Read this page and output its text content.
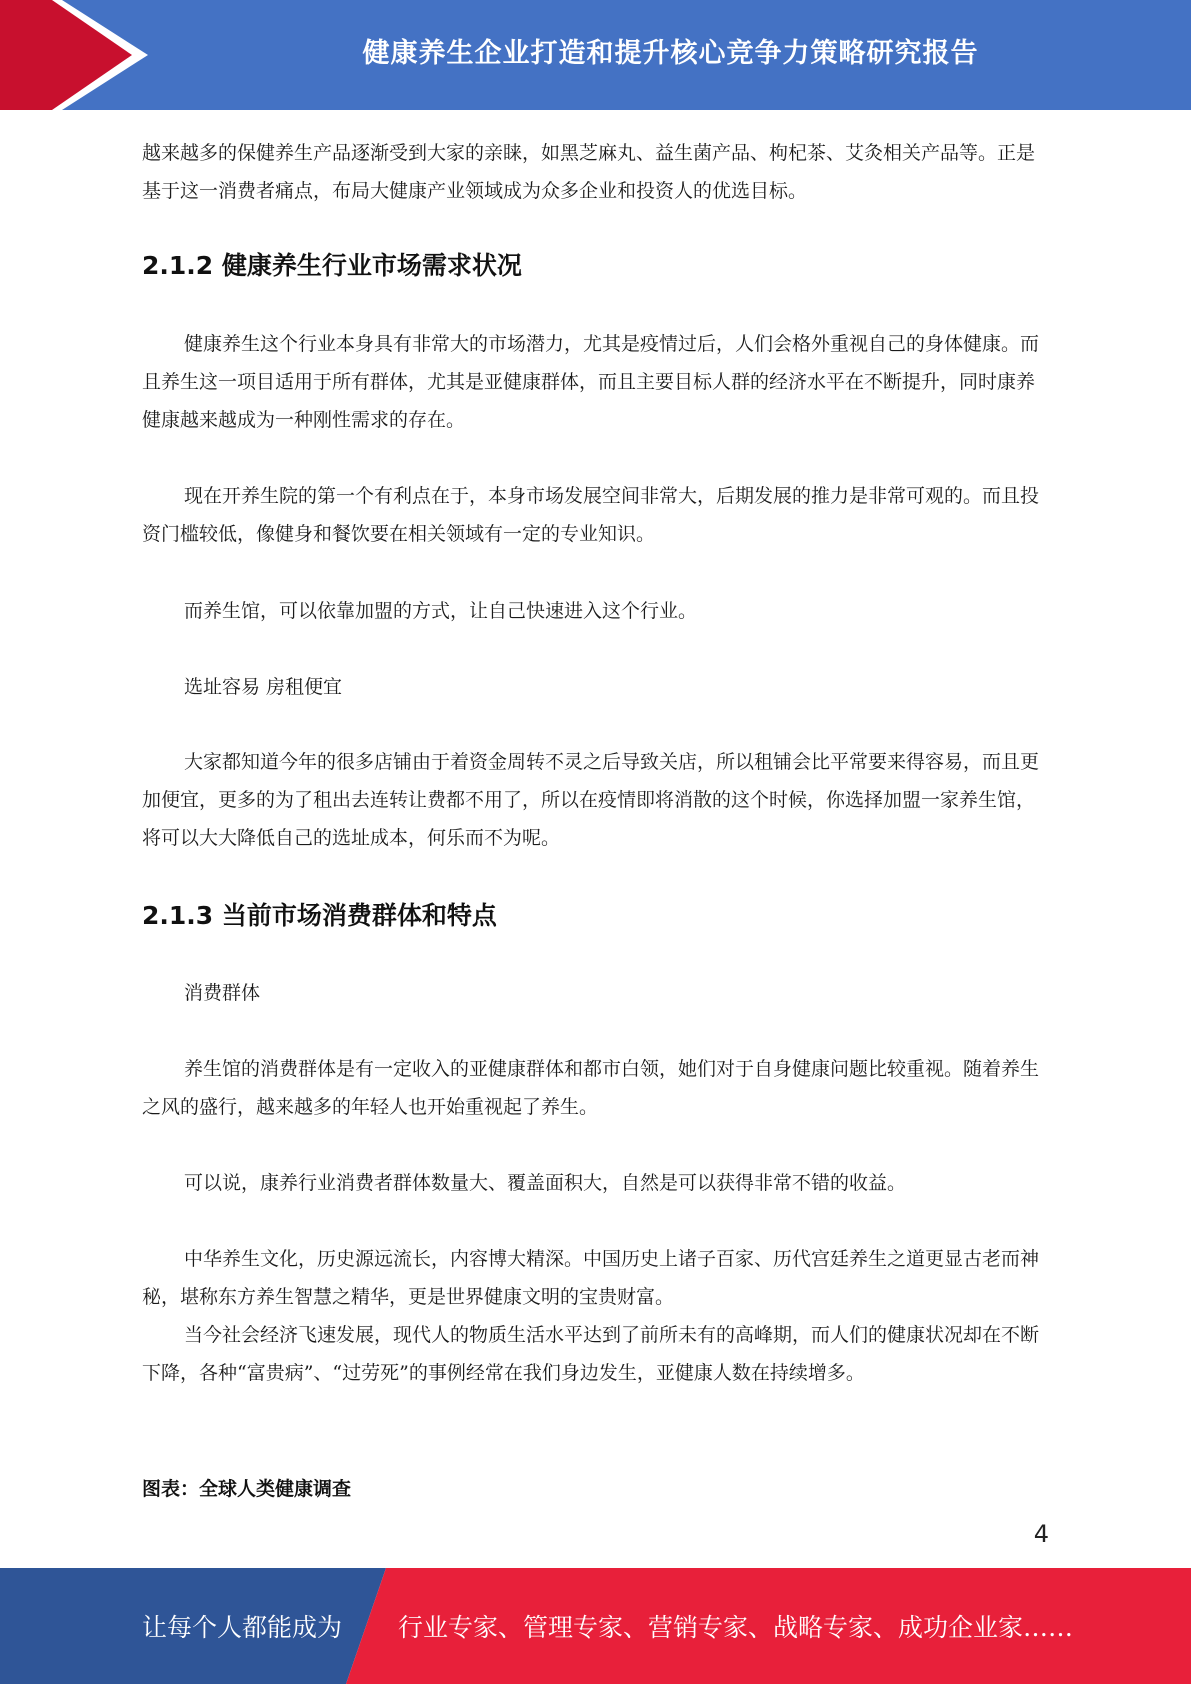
健康养生企业打造和提升核心竞争力策略研究报告

越来越多的保健养生产品逐渐受到大家的亲睐，如黑芝麻丸、益生菌产品、枸杞茶、艾灸相关产品等。正是基于这一消费者痛点，布局大健康产业领域成为众多企业和投资人的优选目标。

2.1.2 健康养生行业市场需求状况

健康养生这个行业本身具有非常大的市场潜力，尤其是疫情过后，人们会格外重视自己的身体健康。而且养生这一项目适用于所有群体，尤其是亚健康群体，而且主要目标人群的经济水平在不断提升，同时康养健康越来越成为一种刚性需求的存在。

现在开养生院的第一个有利点在于，本身市场发展空间非常大，后期发展的推力是非常可观的。而且投资门槛较低，像健身和餐饮要在相关领域有一定的专业知识。

而养生馆，可以依靠加盟的方式，让自己快速进入这个行业。

选址容易 房租便宜

大家都知道今年的很多店铺由于着资金周转不灵之后导致关店，所以租铺会比平常要来得容易，而且更加便宜，更多的为了租出去连转让费都不用了，所以在疫情即将消散的这个时候，你选择加盟一家养生馆，将可以大大降低自己的选址成本，何乐而不为呢。

2.1.3 当前市场消费群体和特点

消费群体

养生馆的消费群体是有一定收入的亚健康群体和都市白领，她们对于自身健康问题比较重视。随着养生之风的盛行，越来越多的年轻人也开始重视起了养生。

可以说，康养行业消费者群体数量大、覆盖面积大，自然是可以获得非常不错的收益。

中华养生文化，历史源远流长，内容博大精深。中国历史上诸子百家、历代宫廷养生之道更显古老而神秘，堪称东方养生智慧之精华，更是世界健康文明的宝贵财富。

当今社会经济飞速发展，现代人的物质生活水平达到了前所未有的高峰期，而人们的健康状况却在不断下降，各种“富贵病”、“过劳死”的事例经常在我们身边发生，亚健康人数在持续增多。

图表：全球人类健康调查

4
让每个人都能成为 行业专家、管理专家、营销专家、战略专家、成功企业家……
